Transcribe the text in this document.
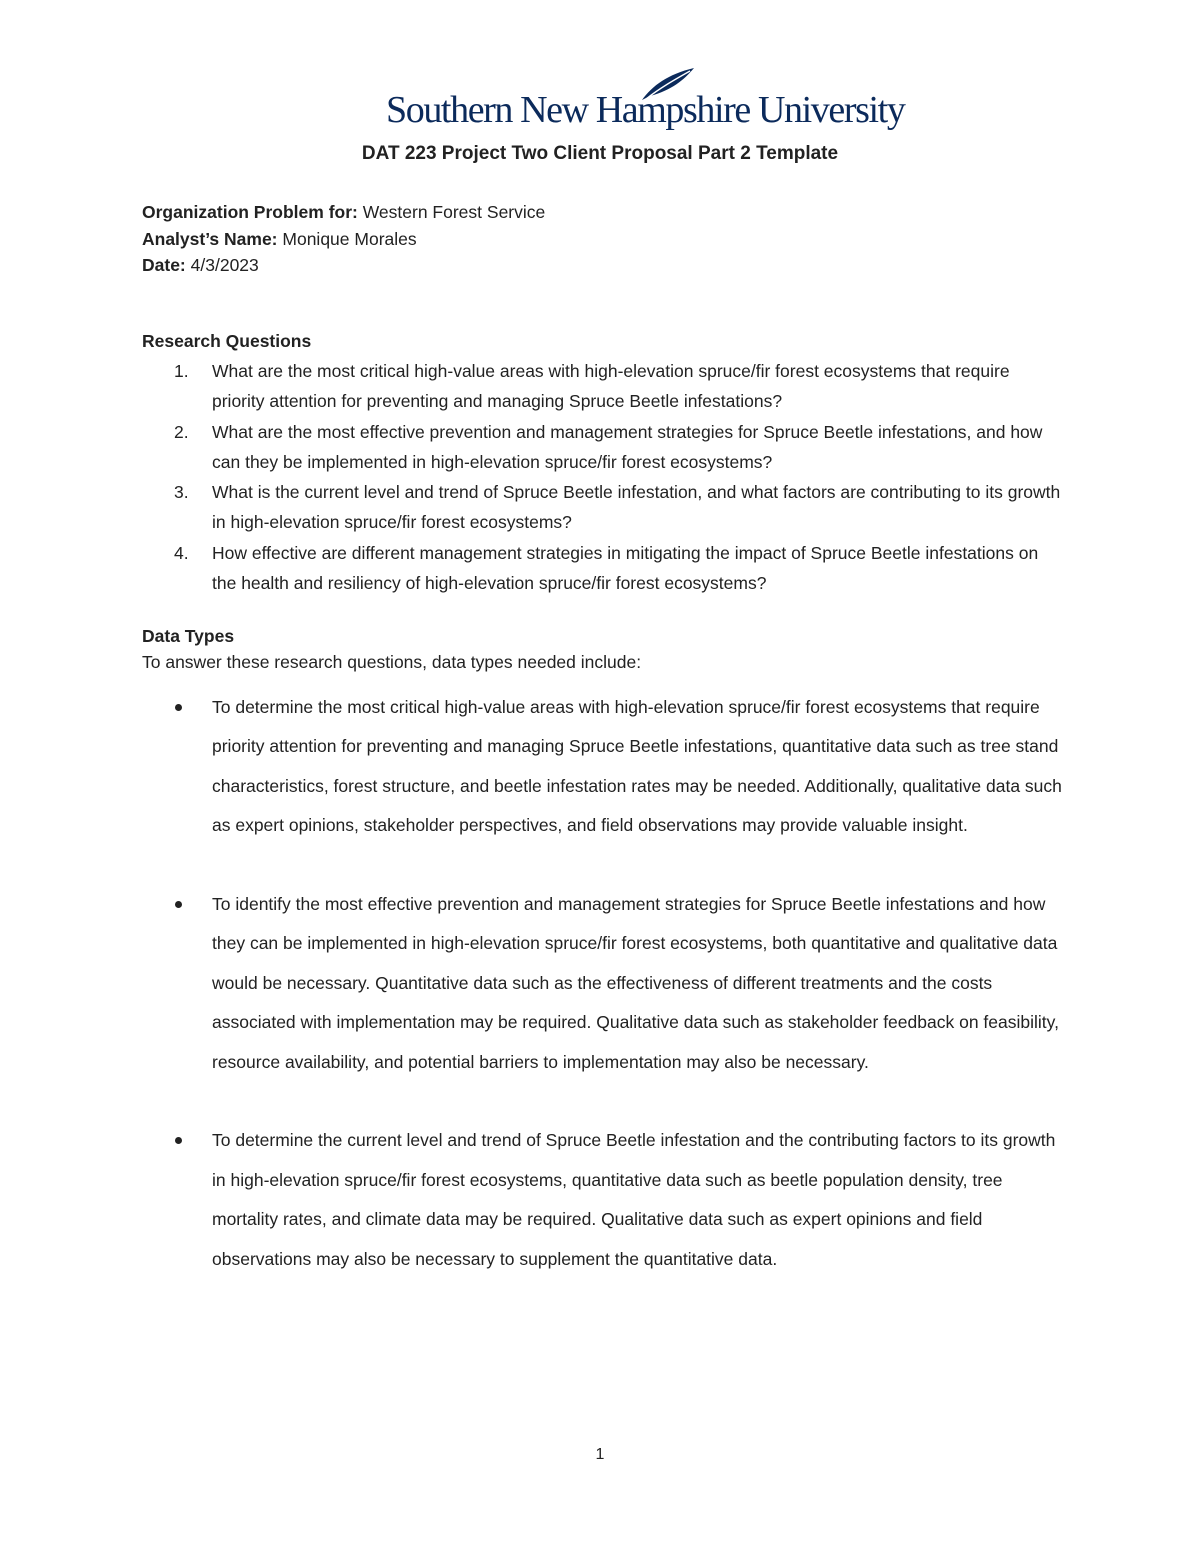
Southern New Hampshire University
DAT 223 Project Two Client Proposal Part 2 Template
Organization Problem for: Western Forest Service
Analyst’s Name: Monique Morales
Date: 4/3/2023
Research Questions
1. What are the most critical high-value areas with high-elevation spruce/fir forest ecosystems that require priority attention for preventing and managing Spruce Beetle infestations?
2. What are the most effective prevention and management strategies for Spruce Beetle infestations, and how can they be implemented in high-elevation spruce/fir forest ecosystems?
3. What is the current level and trend of Spruce Beetle infestation, and what factors are contributing to its growth in high-elevation spruce/fir forest ecosystems?
4. How effective are different management strategies in mitigating the impact of Spruce Beetle infestations on the health and resiliency of high-elevation spruce/fir forest ecosystems?
Data Types
To answer these research questions, data types needed include:
To determine the most critical high-value areas with high-elevation spruce/fir forest ecosystems that require priority attention for preventing and managing Spruce Beetle infestations, quantitative data such as tree stand characteristics, forest structure, and beetle infestation rates may be needed. Additionally, qualitative data such as expert opinions, stakeholder perspectives, and field observations may provide valuable insight.
To identify the most effective prevention and management strategies for Spruce Beetle infestations and how they can be implemented in high-elevation spruce/fir forest ecosystems, both quantitative and qualitative data would be necessary. Quantitative data such as the effectiveness of different treatments and the costs associated with implementation may be required. Qualitative data such as stakeholder feedback on feasibility, resource availability, and potential barriers to implementation may also be necessary.
To determine the current level and trend of Spruce Beetle infestation and the contributing factors to its growth in high-elevation spruce/fir forest ecosystems, quantitative data such as beetle population density, tree mortality rates, and climate data may be required. Qualitative data such as expert opinions and field observations may also be necessary to supplement the quantitative data.
1
